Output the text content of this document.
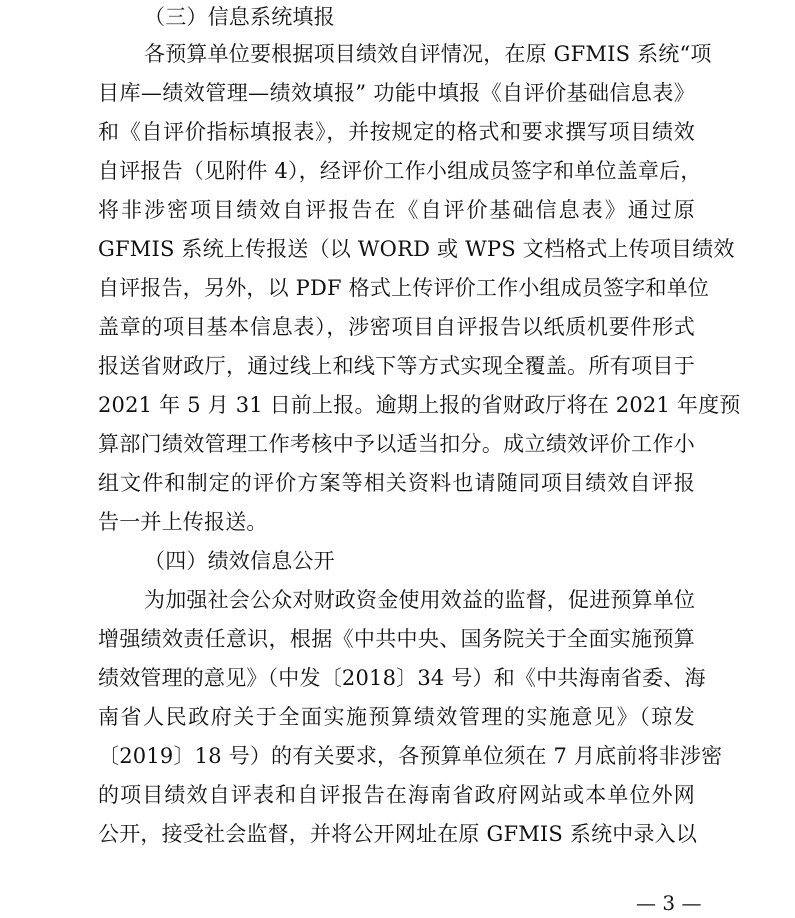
（三）信息系统填报
各预算单位要根据项目绩效自评情况，在原 GFMIS 系统“项
目库—绩效管理—绩效填报” 功能中填报《自评价基础信息表》
和《自评价指标填报表》，并按规定的格式和要求撰写项目绩效
自评报告（见附件 4），经评价工作小组成员签字和单位盖章后，
将非涉密项目绩效自评报告在《自评价基础信息表》通过原
GFMIS 系统上传报送（以 WORD 或 WPS 文档格式上传项目绩效
自评报告，另外，以 PDF 格式上传评价工作小组成员签字和单位
盖章的项目基本信息表），涉密项目自评报告以纸质机要件形式
报送省财政厅，通过线上和线下等方式实现全覆盖。所有项目于
2021 年 5 月 31 日前上报。逾期上报的省财政厅将在 2021 年度预
算部门绩效管理工作考核中予以适当扣分。成立绩效评价工作小
组文件和制定的评价方案等相关资料也请随同项目绩效自评报
告一并上传报送。
（四）绩效信息公开
为加强社会公众对财政资金使用效益的监督，促进预算单位
增强绩效责任意识，根据《中共中央、国务院关于全面实施预算
绩效管理的意见》（中发〔2018〕34 号）和《中共海南省委、海
南省人民政府关于全面实施预算绩效管理的实施意见》（琼发
〔2019〕18 号）的有关要求，各预算单位须在 7 月底前将非涉密
的项目绩效自评表和自评报告在海南省政府网站或本单位外网
公开，接受社会监督，并将公开网址在原 GFMIS 系统中录入以
— 3 —
